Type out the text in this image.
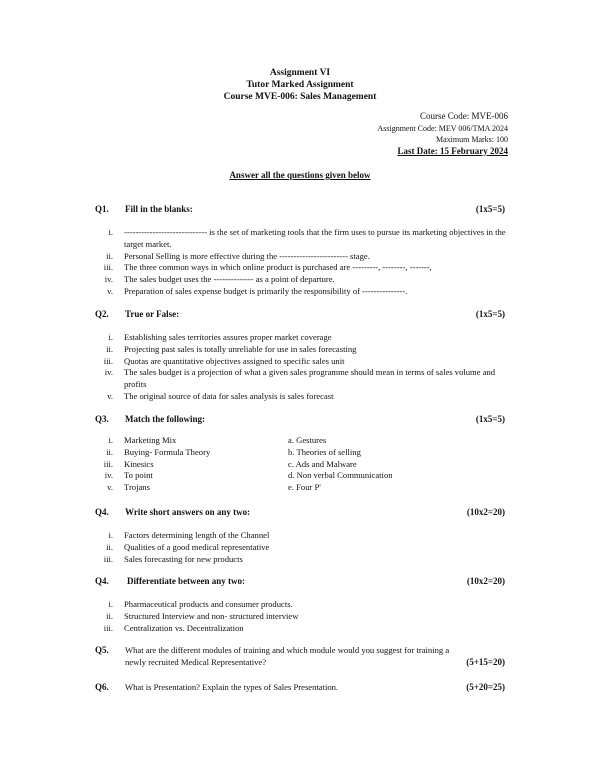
Assignment VI
Tutor Marked Assignment
Course MVE-006: Sales Management
Course Code: MVE-006
Assignment Code: MEV 006/TMA 2024
Maximum Marks: 100
Last Date: 15 February 2024
Answer all the questions given below
Q1. Fill in the blanks:	(1x5=5)
i. ----------------------------- is the set of marketing tools that the firm uses to pursue its marketing objectives in the target market.
ii. Personal Selling is more effective during the ------------------------ stage.
iii. The three common ways in which online product is purchased are ---------, --------, -------,
iv. The sales budget uses the -------------- as a point of departure.
v. Preparation of sales expense budget is primarily the responsibility of ---------------.
Q2. True or False:	(1x5=5)
i. Establishing sales territories assures proper market coverage
ii. Projecting past sales is totally unreliable for use in sales forecasting
iii. Quotas are quantitative objectives assigned to specific sales unit
iv. The sales budget is a projection of what a given sales programme should mean in terms of sales volume and profits
v. The original source of data for sales analysis is sales forecast
Q3. Match the following:	(1x5=5)
i. Marketing Mix	a. Gestures
ii. Buying- Formula Theory	b. Theories of selling
iii. Kinesics	c. Ads and Malware
iv. To point	d. Non verbal Communication
v. Trojans	e. Four P'
Q4. Write short answers on any two:	(10x2=20)
i. Factors determining length of the Channel
ii. Qualities of a good medical representative
iii. Sales forecasting for new products
Q4. Differentiate between any two:	(10x2=20)
i. Pharmaceutical products and consumer products.
ii. Structured Interview and non- structured interview
iii. Centralization vs. Decentralization
Q5. What are the different modules of training and which module would you suggest for training a
newly recruited Medical Representative?	(5+15=20)
Q6. What is Presentation? Explain the types of Sales Presentation.	(5+20=25)
